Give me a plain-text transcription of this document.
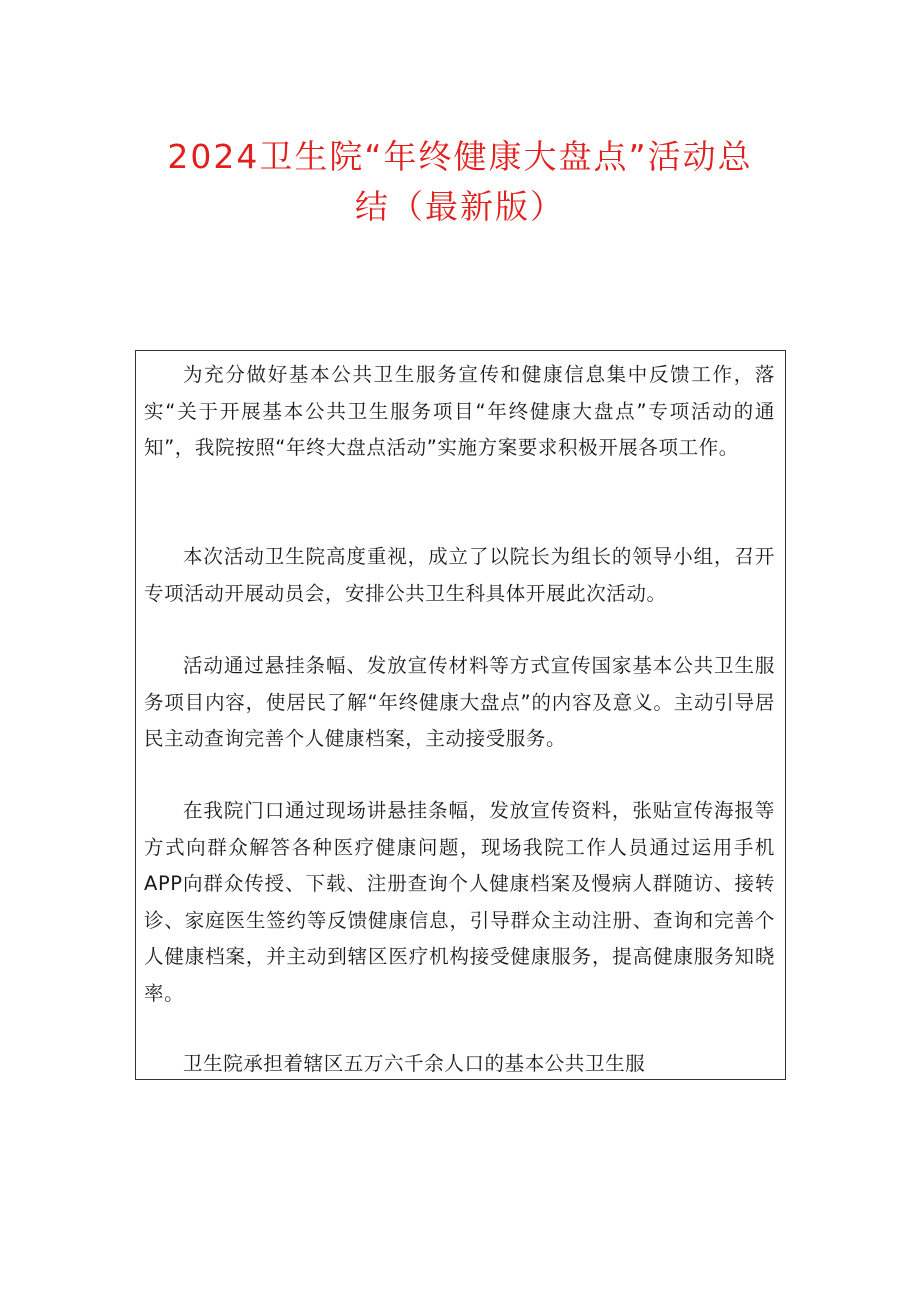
2024卫生院“年终健康大盘点”活动总
结（最新版）

为充分做好基本公共卫生服务宣传和健康信息集中反馈工作，落实“关于开展基本公共卫生服务项目“年终健康大盘点”专项活动的通知”，我院按照“年终大盘点活动”实施方案要求积极开展各项工作。

本次活动卫生院高度重视，成立了以院长为组长的领导小组，召开专项活动开展动员会，安排公共卫生科具体开展此次活动。

活动通过悬挂条幅、发放宣传材料等方式宣传国家基本公共卫生服务项目内容，使居民了解“年终健康大盘点”的内容及意义。主动引导居民主动查询完善个人健康档案，主动接受服务。

在我院门口通过现场讲悬挂条幅，发放宣传资料，张贴宣传海报等方式向群众解答各种医疗健康问题，现场我院工作人员通过运用手机APP向群众传授、下载、注册查询个人健康档案及慢病人群随访、接转诊、家庭医生签约等反馈健康信息，引导群众主动注册、查询和完善个人健康档案，并主动到辖区医疗机构接受健康服务，提高健康服务知晓率。

卫生院承担着辖区五万六千余人口的基本公共卫生服
